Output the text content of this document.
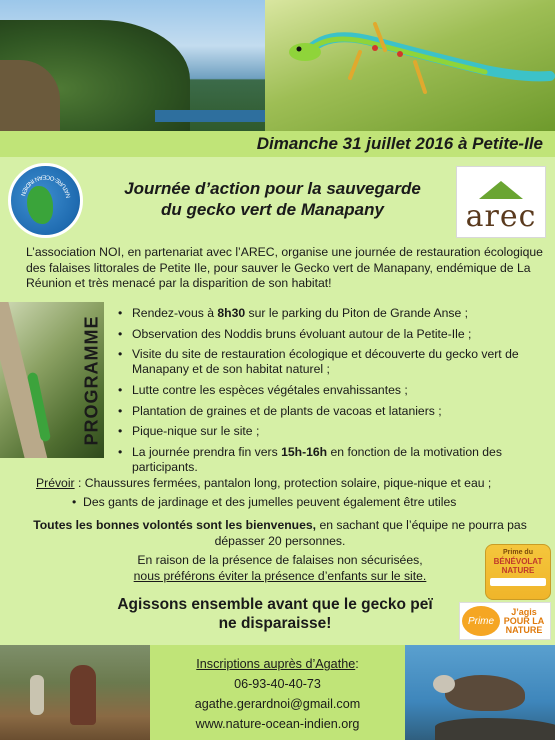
Dimanche 31 juillet 2016 à Petite-Ile
NATURE-OCEAN INDIEN
arec
Journée d’action pour la sauvegarde
du gecko vert de Manapany

L’association NOI, en partenariat avec l’AREC, organise une journée de restauration écologique des falaises littorales de Petite Ile, pour sauver le Gecko vert de Manapany, endémique de La Réunion et très menacé par la disparition de son habitat!

PROGRAMME
• Rendez-vous à 8h30 sur le parking du Piton de Grande Anse ;
• Observation des Noddis bruns évoluant autour de la Petite-Ile ;
• Visite du site de restauration écologique et découverte du gecko vert de Manapany et de son habitat naturel ;
• Lutte contre les espèces végétales envahissantes ;
• Plantation de graines et de plants de vacoas et lataniers ;
• Pique-nique sur le site ;
• La journée prendra fin vers 15h-16h en fonction de la motivation des participants.

Prévoir : Chaussures fermées, pantalon long, protection solaire, pique-nique et eau ;

•  Des gants de jardinage et des jumelles peuvent également être utiles

Toutes les bonnes volontés sont les bienvenues, en sachant que l’équipe ne pourra pas dépasser 20 personnes.

En raison de la présence de falaises non sécurisées,
nous préférons éviter la présence d’enfants sur le site.

Agissons ensemble avant que le gecko peï
ne disparaisse!
Prime du
BÉNÉVOLAT NATURE
Prime
J’agis POUR LA NATURE
Inscriptions auprès d’Agathe:
06-93-40-40-73
agathe.gerardnoi@gmail.com
www.nature-ocean-indien.org
